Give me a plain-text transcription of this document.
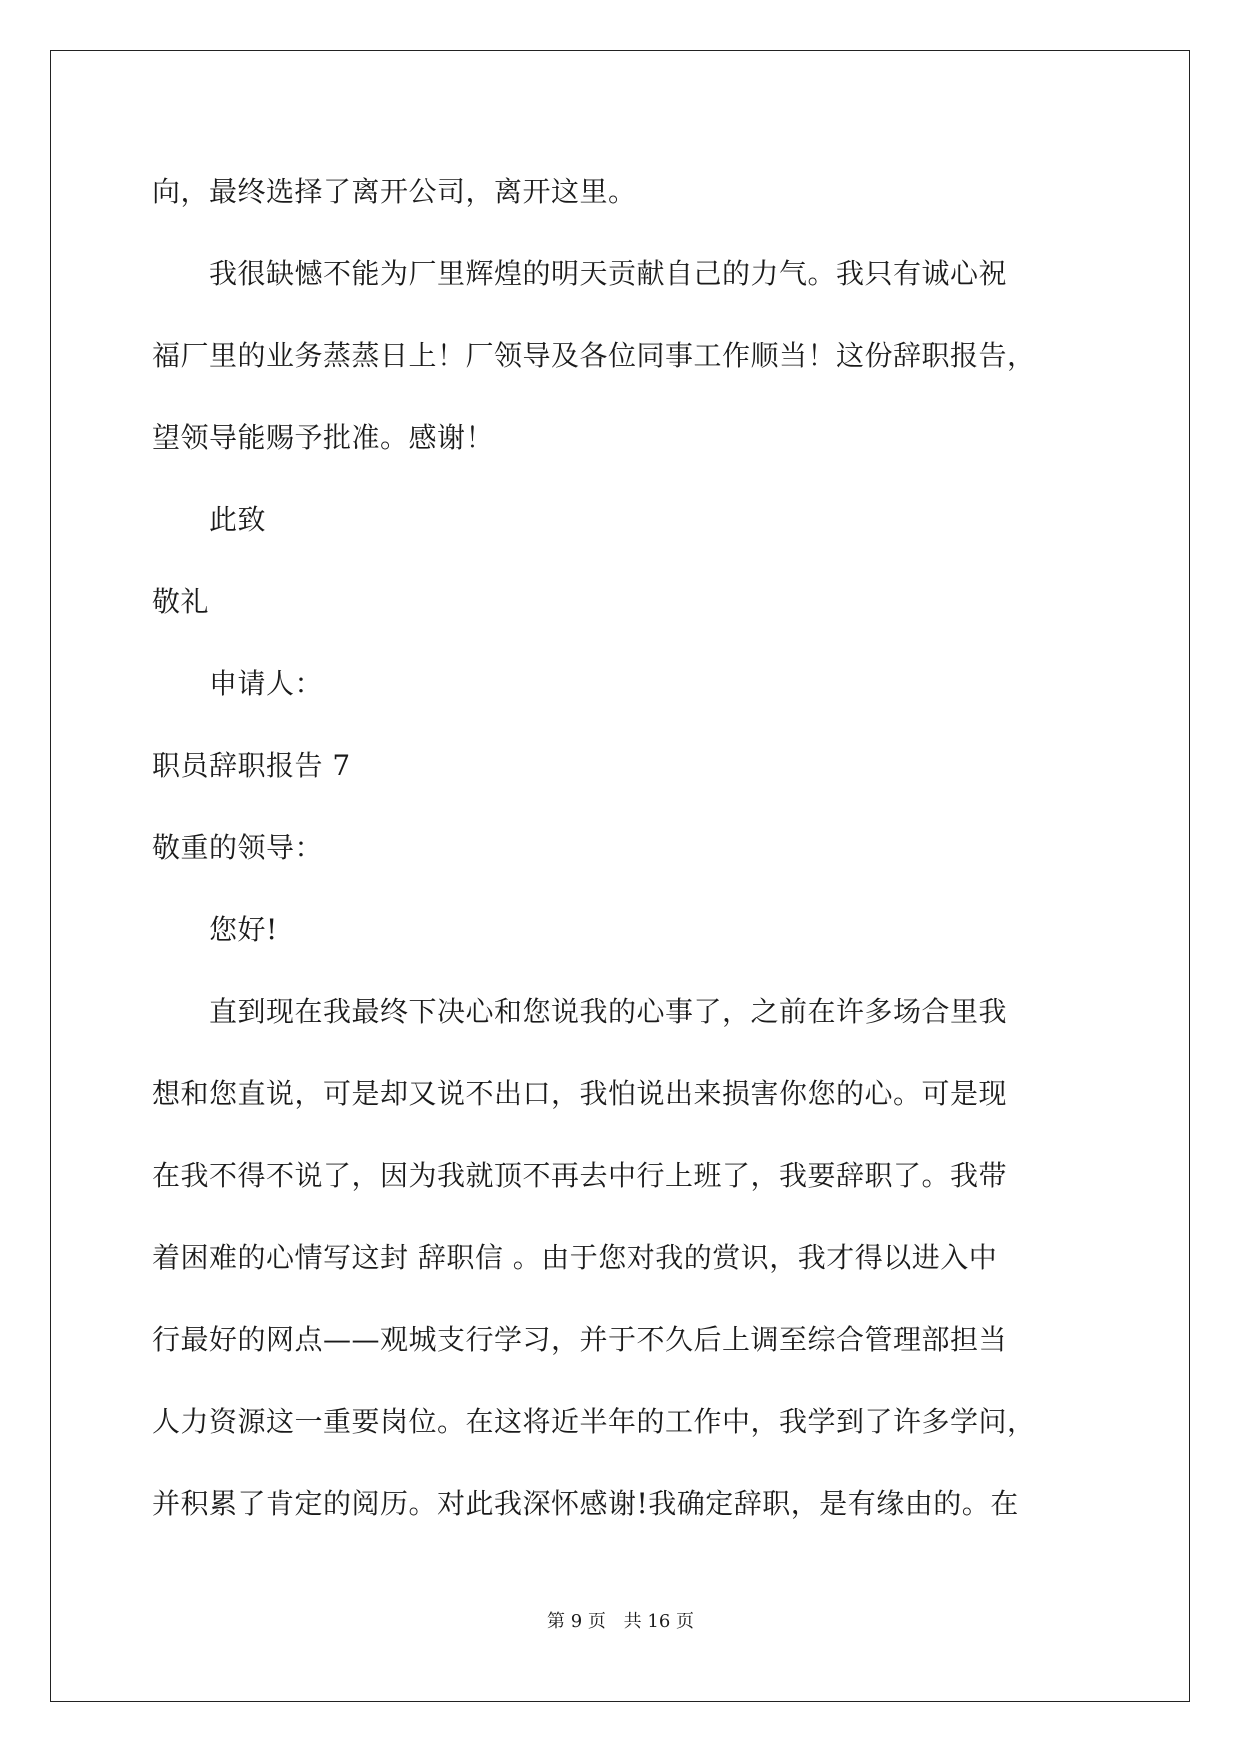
向，最终选择了离开公司，离开这里。
　　我很缺憾不能为厂里辉煌的明天贡献自己的力气。我只有诚心祝
福厂里的业务蒸蒸日上！厂领导及各位同事工作顺当！这份辞职报告，
望领导能赐予批准。感谢！
　　此致
敬礼
　　申请人：
职员辞职报告 7
敬重的领导：
　　您好!
　　直到现在我最终下决心和您说我的心事了，之前在许多场合里我
想和您直说，可是却又说不出口，我怕说出来损害你您的心。可是现
在我不得不说了，因为我就顶不再去中行上班了，我要辞职了。我带
着困难的心情写这封 辞职信 。由于您对我的赏识，我才得以进入中
行最好的网点——观城支行学习，并于不久后上调至综合管理部担当
人力资源这一重要岗位。在这将近半年的工作中，我学到了许多学问，
并积累了肯定的阅历。对此我深怀感谢!我确定辞职，是有缘由的。在
第 9 页 共 16 页
